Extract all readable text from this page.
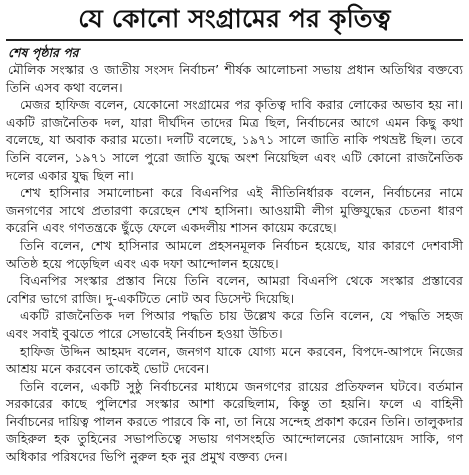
যে কোনো সংগ্রামের পর কৃতিত্ব

শেষ পৃষ্ঠার পর

মৌলিক সংস্কার ও জাতীয় সংসদ নির্বাচন’ শীর্ষক আলোচনা সভায় প্রধান অতিথির বক্তব্যে তিনি এসব কথা বলেন।

মেজর হাফিজ বলেন, যেকোনো সংগ্রামের পর কৃতিত্ব দাবি করার লোকের অভাব হয় না। একটি রাজনৈতিক দল, যারা দীর্ঘদিন তাদের মিত্র ছিল, নির্বাচনের আগে এমন কিছু কথা বলেছে, যা অবাক করার মতো। দলটি বলেছে, ১৯৭১ সালে জাতি নাকি পথভ্রষ্ট ছিল। তবে তিনি বলেন, ১৯৭১ সালে পুরো জাতি যুদ্ধে অংশ নিয়েছিল এবং এটি কোনো রাজনৈতিক দলের একার যুদ্ধ ছিল না।

শেখ হাসিনার সমালোচনা করে বিএনপির এই নীতিনির্ধারক বলেন, নির্বাচনের নামে জনগণের সাথে প্রতারণা করেছেন শেখ হাসিনা। আওয়ামী লীগ মুক্তিযুদ্ধের চেতনা ধারণ করেনি এবং গণতন্ত্রকে ছুঁড়ে ফেলে একদলীয় শাসন কায়েম করেছে।

তিনি বলেন, শেখ হাসিনার আমলে প্রহসনমূলক নির্বাচন হয়েছে, যার কারণে দেশবাসী অতিষ্ঠ হয়ে পড়েছিল এবং এক দফা আন্দোলন হয়েছে।

বিএনপির সংস্কার প্রস্তাব নিয়ে তিনি বলেন, আমরা বিএনপি থেকে সংস্কার প্রস্তাবের বেশির ভাগে রাজি। দু-একটিতে নোট অব ডিসেন্ট দিয়েছি।

একটি রাজনৈতিক দল পিআর পদ্ধতি চায় উল্লেখ করে তিনি বলেন, যে পদ্ধতি সহজ এবং সবাই বুঝতে পারে সেভাবেই নির্বাচন হওয়া উচিত।

হাফিজ উদ্দিন আহমদ বলেন, জনগণ যাকে যোগ্য মনে করবেন, বিপদে-আপদে নিজের আশ্রয় মনে করবেন তাকেই ভোট দেবেন।

তিনি বলেন, একটি সুষ্ঠু নির্বাচনের মাধ্যমে জনগণের রায়ের প্রতিফলন ঘটবে। বর্তমান সরকারের কাছে পুলিশের সংস্কার আশা করেছিলাম, কিন্তু তা হয়নি। ফলে এ বাহিনী নির্বাচনের দায়িত্ব পালন করতে পারবে কি না, তা নিয়ে সন্দেহ প্রকাশ করেন তিনি। তালুকদার জহিরুল হক তুহিনের সভাপতিত্বে সভায় গণসংহতি আন্দোলনের জোনায়েদ সাকি, গণ অধিকার পরিষদের ভিপি নুরুল হক নুর প্রমুখ বক্তব্য দেন।
